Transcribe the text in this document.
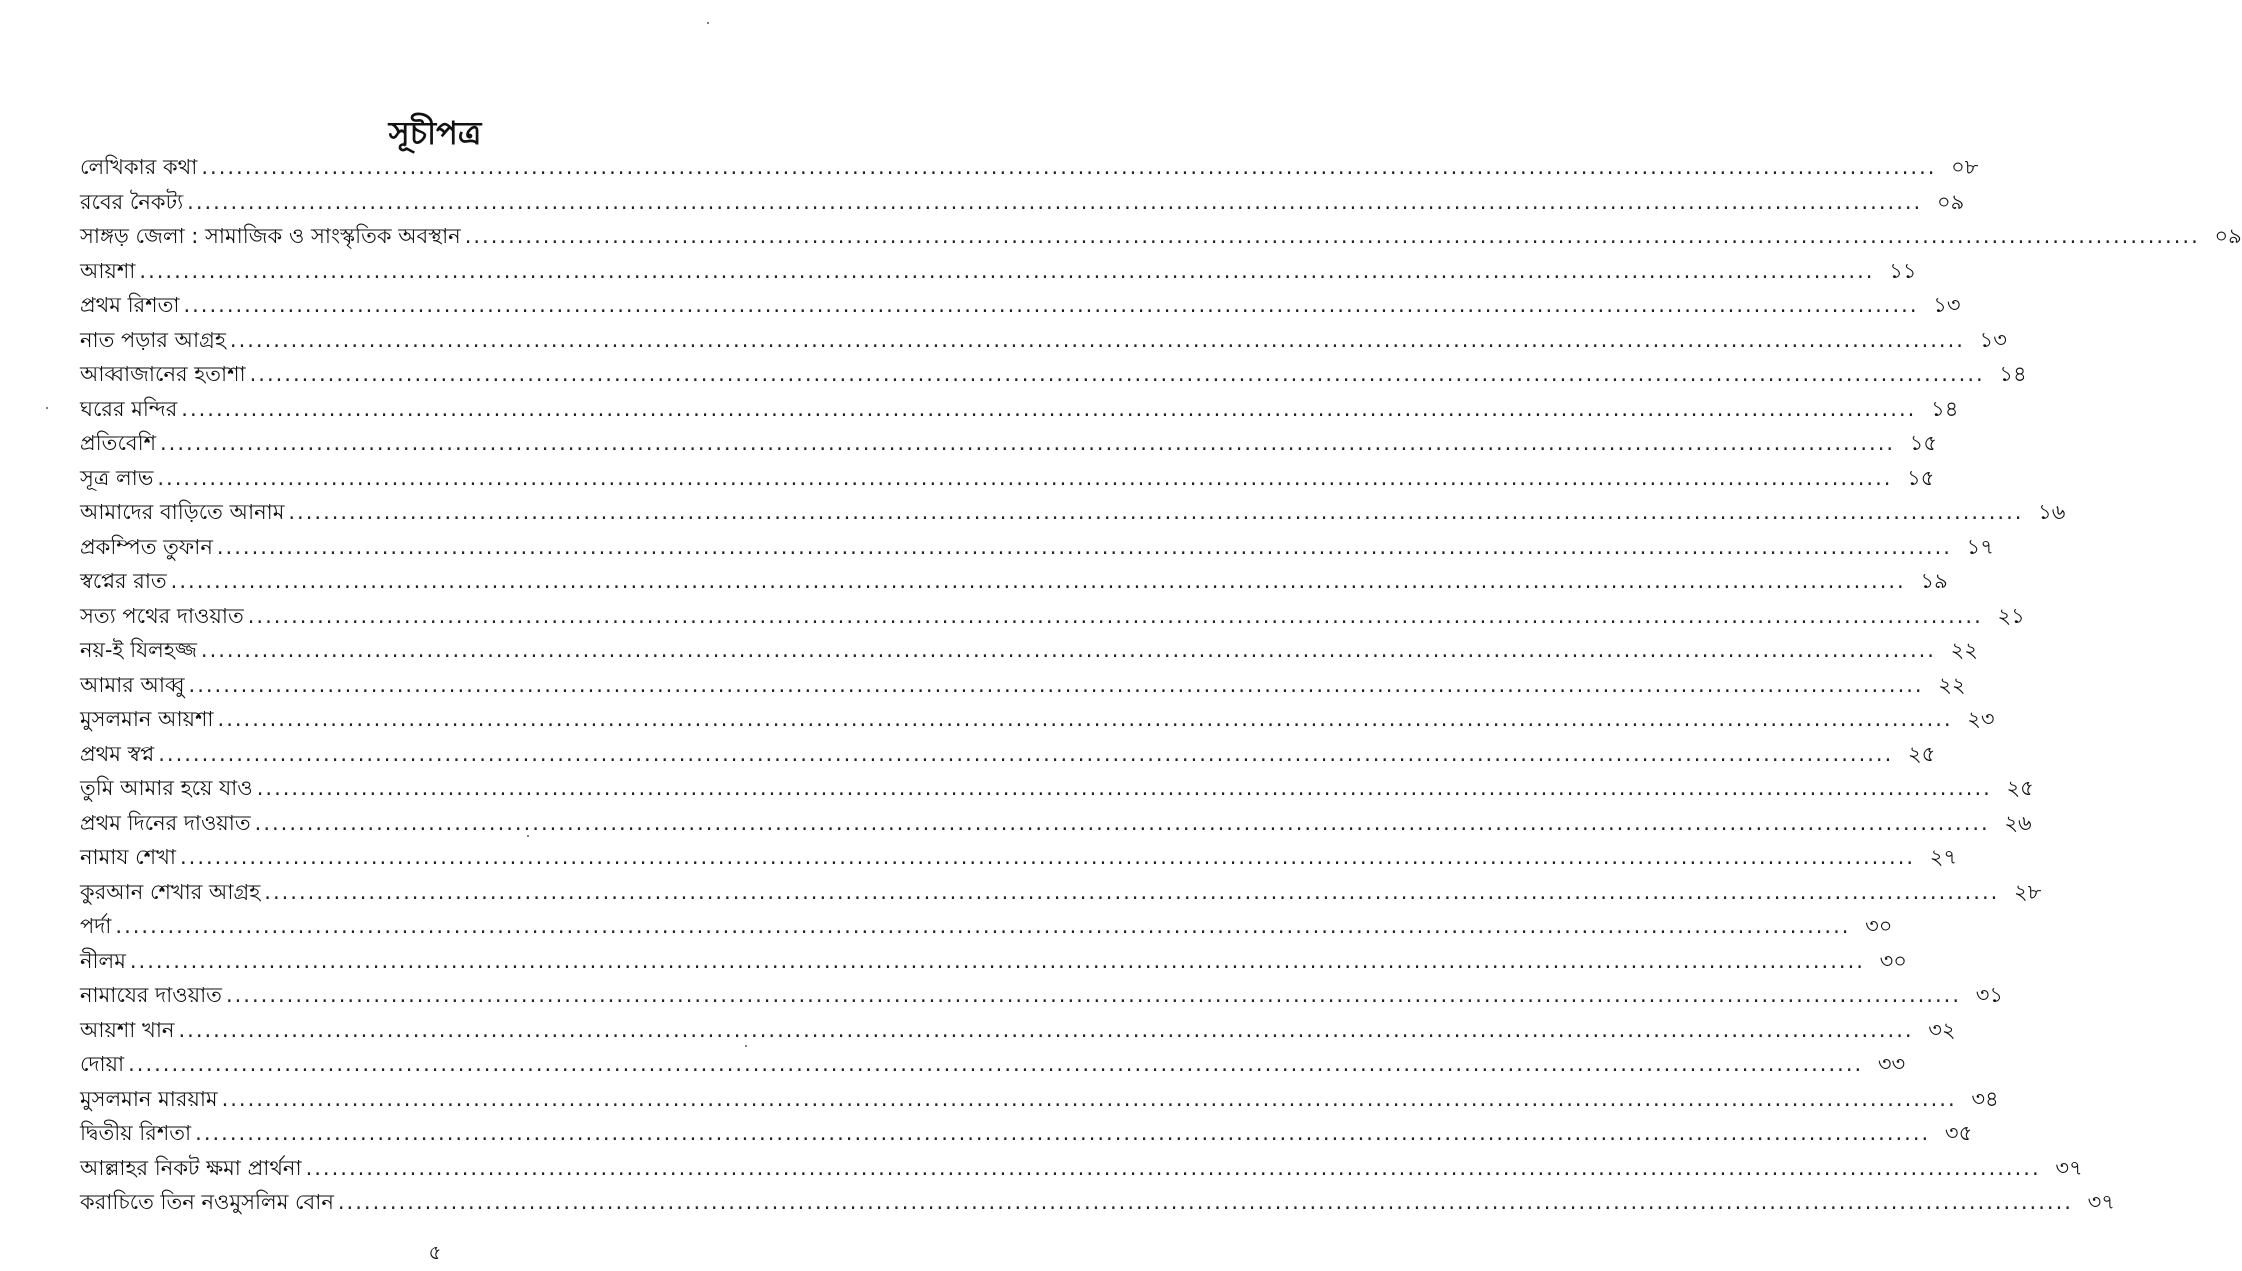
সূচীপত্র
লেখিকার কথা ........................................................................................................................................................................................................ ০৮
রবের নৈকট্য ........................................................................................................................................................................................................ ০৯
সাঙ্গড় জেলা : সামাজিক ও সাংস্কৃতিক অবস্থান ........................................................................................................................................................................................................ ০৯
আয়শা ........................................................................................................................................................................................................ ১১
প্রথম রিশতা ........................................................................................................................................................................................................ ১৩
নাত পড়ার আগ্রহ ........................................................................................................................................................................................................ ১৩
আব্বাজানের হতাশা ........................................................................................................................................................................................................ ১৪
ঘরের মন্দির ........................................................................................................................................................................................................ ১৪
প্রতিবেশি ........................................................................................................................................................................................................ ১৫
সূত্র লাভ ........................................................................................................................................................................................................ ১৫
আমাদের বাড়িতে আনাম ........................................................................................................................................................................................................ ১৬
প্রকম্পিত তুফান ........................................................................................................................................................................................................ ১৭
স্বপ্নের রাত ........................................................................................................................................................................................................ ১৯
সত্য পথের দাওয়াত ........................................................................................................................................................................................................ ২১
নয়-ই যিলহজ্জ ........................................................................................................................................................................................................ ২২
আমার আব্বু ........................................................................................................................................................................................................ ২২
মুসলমান আয়শা ........................................................................................................................................................................................................ ২৩
প্রথম স্বপ্ন ........................................................................................................................................................................................................ ২৫
তুমি আমার হয়ে যাও ........................................................................................................................................................................................................ ২৫
প্রথম দিনের দাওয়াত ........................................................................................................................................................................................................ ২৬
নামায শেখা ........................................................................................................................................................................................................ ২৭
কুরআন শেখার আগ্রহ ........................................................................................................................................................................................................ ২৮
পর্দা ........................................................................................................................................................................................................ ৩০
নীলম ........................................................................................................................................................................................................ ৩০
নামাযের দাওয়াত ........................................................................................................................................................................................................ ৩১
আয়শা খান ........................................................................................................................................................................................................ ৩২
দোয়া ........................................................................................................................................................................................................ ৩৩
মুসলমান মারয়াম ........................................................................................................................................................................................................ ৩৪
দ্বিতীয় রিশতা ........................................................................................................................................................................................................ ৩৫
আল্লাহর নিকট ক্ষমা প্রার্থনা ........................................................................................................................................................................................................ ৩৭
করাচিতে তিন নওমুসলিম বোন ........................................................................................................................................................................................................ ৩৭
৫
